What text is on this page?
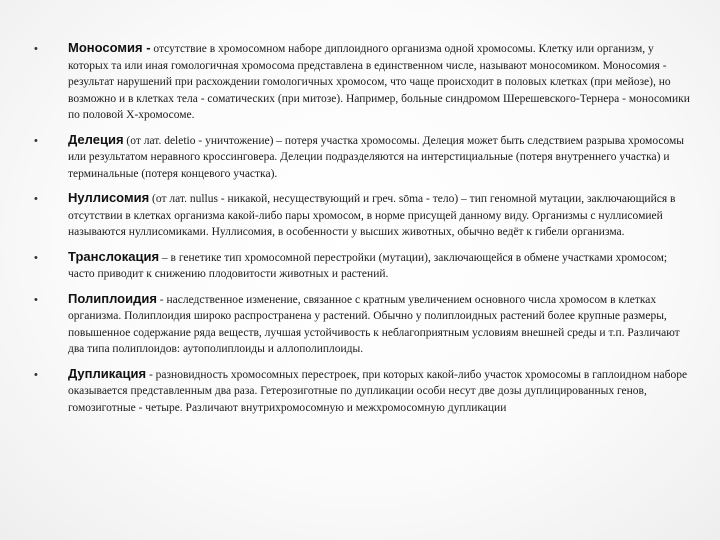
• Моносомия - отсутствие в хромосомном наборе диплоидного организма одной хромосомы. Клетку или организм, у которых та или иная гомологичная хромосома представлена в единственном числе, называют моносомиком. Моносомия - результат нарушений при расхождении гомологичных хромосом, что чаще происходит в половых клетках (при мейозе), но возможно и в клетках тела - соматических (при митозе). Например, больные синдромом Шерешевского-Тернера - моносомики по половой Х-хромосоме.
• Делеция (от лат. deletio - уничтожение) – потеря участка хромосомы. Делеция может быть следствием разрыва хромосомы или результатом неравного кроссинговера. Делеции подразделяются на интерстициальные (потеря внутреннего участка) и терминальные (потеря концевого участка).
• Нуллисомия (от лат. nullus - никакой, несуществующий и греч. sōma - тело) – тип геномной мутации, заключающийся в отсутствии в клетках организма какой-либо пары хромосом, в норме присущей данному виду. Организмы с нуллисомией называются нуллисомиками. Нуллисомия, в особенности у высших животных, обычно ведёт к гибели организма.
• Транслокация – в генетике тип хромосомной перестройки (мутации), заключающейся в обмене участками хромосом; часто приводит к снижению плодовитости животных и растений.
• Полиплоидия - наследственное изменение, связанное с кратным увеличением основного числа хромосом в клетках организма. Полиплоидия широко распространена у растений. Обычно у полиплоидных растений более крупные размеры, повышенное содержание ряда веществ, лучшая устойчивость к неблагоприятным условиям внешней среды и т.п. Различают два типа полиплоидов: аутополиплоиды и аллополиплоиды.
• Дупликация - разновидность хромосомных перестроек, при которых какой-либо участок хромосомы в гаплоидном наборе оказывается представленным два раза. Гетерозиготные по дупликации особи несут две дозы дуплицированных генов, гомозиготные - четыре. Различают внутрихромосомную и межхромосомную дупликации
